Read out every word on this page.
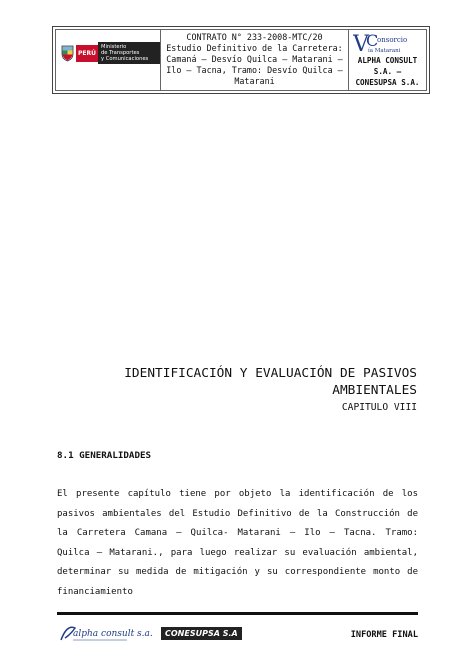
PERÚ
Ministerio
de Transportes
y Comunicaciones
CONTRATO N° 233-2008-MTC/20
Estudio Definitivo de la Carretera:
Camaná – Desvío Quilca – Matarani –
Ilo – Tacna, Tramo: Desvío Quilca –
Matarani
V
C
onsorcio
ía Matarani
ALPHA CONSULT
S.A. –
CONESUPSA S.A.
IDENTIFICACIÓN Y EVALUACIÓN DE PASIVOS
AMBIENTALES
CAPITULO VIII
8.1 GENERALIDADES
El presente capítulo tiene por objeto la identificación de los pasivos ambientales del Estudio Definitivo de la Construcción de la Carretera Camana – Quilca- Matarani – Ilo – Tacna. Tramo: Quilca – Matarani., para luego realizar su evaluación ambiental, determinar su medida de mitigación y su correspondiente monto de financiamiento
alpha consult s.a.	CONESUPSA S.A	INFORME FINAL
